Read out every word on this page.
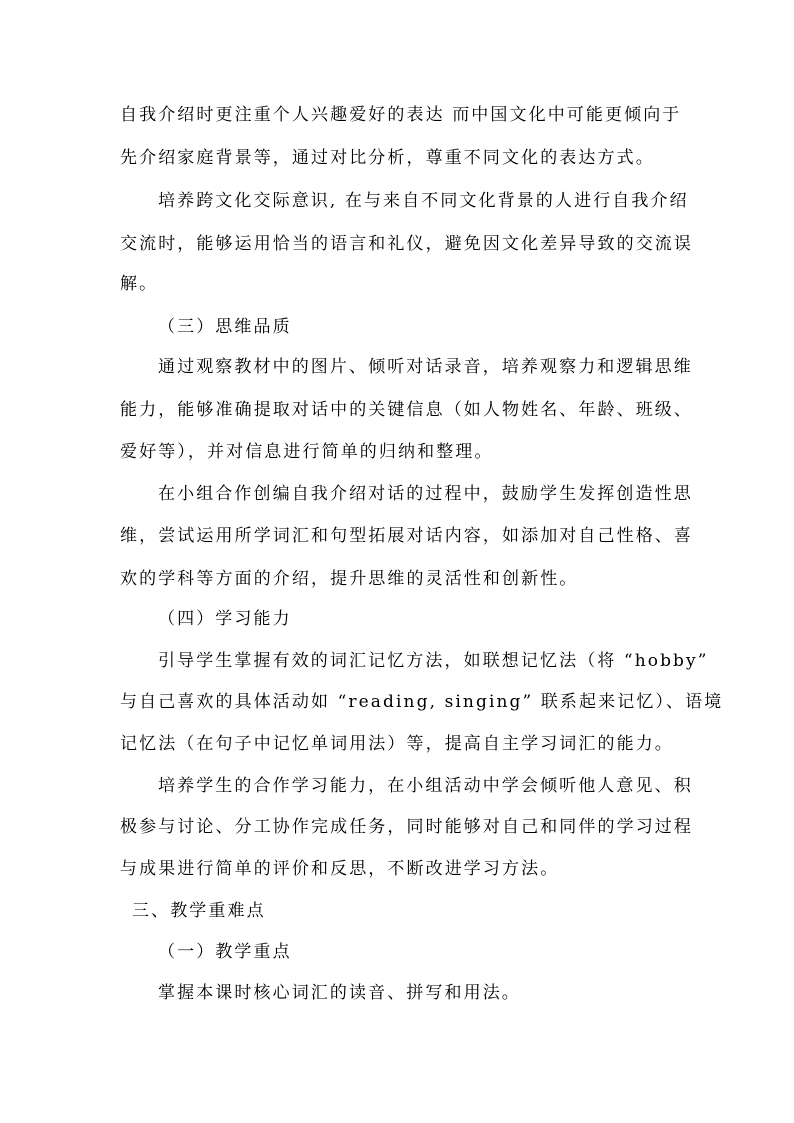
自我介绍时更注重个人兴趣爱好的表达 而中国文化中可能更倾向于
先介绍家庭背景等，通过对比分析，尊重不同文化的表达方式。
培养跨文化交际意识, 在与来自不同文化背景的人进行自我介绍
交流时，能够运用恰当的语言和礼仪，避免因文化差异导致的交流误
解。
（三）思维品质
通过观察教材中的图片、倾听对话录音，培养观察力和逻辑思维
能力，能够准确提取对话中的关键信息（如人物姓名、年龄、班级、
爱好等），并对信息进行简单的归纳和整理。
在小组合作创编自我介绍对话的过程中，鼓励学生发挥创造性思
维，尝试运用所学词汇和句型拓展对话内容，如添加对自己性格、喜
欢的学科等方面的介绍，提升思维的灵活性和创新性。
（四）学习能力
引导学生掌握有效的词汇记忆方法，如联想记忆法（将 “hobby”
与自己喜欢的具体活动如 “reading, singing” 联系起来记忆）、语境
记忆法（在句子中记忆单词用法）等，提高自主学习词汇的能力。
培养学生的合作学习能力，在小组活动中学会倾听他人意见、积
极参与讨论、分工协作完成任务，同时能够对自己和同伴的学习过程
与成果进行简单的评价和反思，不断改进学习方法。
三、教学重难点
（一）教学重点
掌握本课时核心词汇的读音、拼写和用法。
